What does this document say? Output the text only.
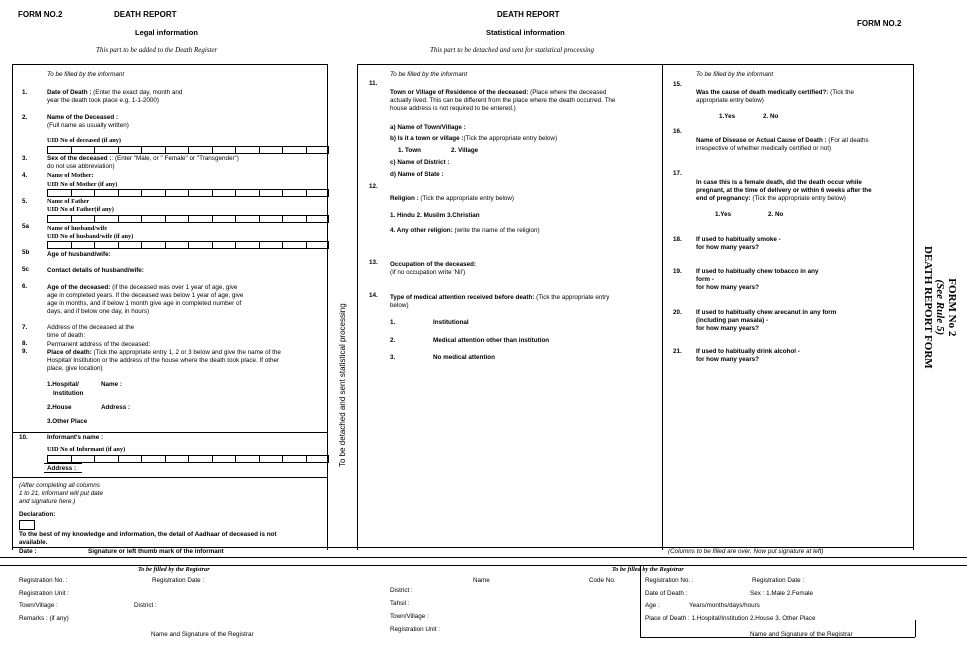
FORM NO.2	DEATH REPORT
Legal information
This part to be added to the Death Register
DEATH REPORT
Statistical information
This part to be detached and sent for statistical processing
FORM NO.2
To be filled by the informant
1.	Date of Death : (Enter the exact day, month and
year the death took place e.g. 1-1-2000)
2.	Name of the Deceased :
(Full name as usually written)
UID No of deceased (if any)
3.	Sex of the deceased :: (Enter "Male, or " Female" or "Transgender")
do not use abbreviation)
4.	Name of Mother:
UID No of Mother (if any)
5.	Name of Father
UID No of Father(if any)
5a	Name of husband/wife
UID No of husband/wife (if any)
5b	Age of husband/wife:
5c	Contact details of husband/wife:
6.	Age of the deceased: (if the deceased was over 1 year of age, give
age in completed years. If the deceased was below 1 year of age, give
age in months, and if below 1 month give age in completed number of
days, and if below one day, in hours)
7.	Address of the deceased at the
time of death:
8.	Permanent address of the deceased:
9.	Place of death: (Tick the appropriate entry 1, 2 or 3 below and give the name of the
Hospital/ Institution or the address of the house where the death took place. If other
place, give location)
1.Hospital/
Institution
Name :
2.House	Address :
3.Other Place
10.	Informant's name :
UID No of Informant (if any)
Address :
(After completing all columns
1 to 21, informant will put date
and signature here.)
Declaration:
To the best of my knowledge and information, the detail of Aadhaar of deceased is not
available.
Date :	Signature or left thumb mark of the informant
To be detached and sent statistical processing
To be filled by the informant
11.
Town or Village of Residence of the deceased: (Place where the deceased
actually lived. This can be different from the place where the death occurred. The
house address is not required to be entered.)
a) Name of Town/Village :
b) Is it a town or village :(Tick the appropriate entry below)
1. Town	2. Village
c) Name of District :
d) Name of State :
12.
Religion : (Tick the appropriate entry below)
1. Hindu 2. Muslim 3.Christian
4. Any other religion: (write the name of the religion)
13. Occupation of the deceased:
(If no occupation write 'Nil')
14. Type of medical attention received before death: (Tick the appropriate entry
below)
1.	Institutional
2.	Medical attention other than institution
3.	No medical attention
To be filled by the informant
15.
Was the cause of death medically certified?: (Tick the
appropriate entry below)
1.Yes	2. No
16.
Name of Disease or Actual Cause of Death : (For all deaths
irrespective of whether medically certified or not)
17.
In case this is a female death, did the death occur while
pregnant, at the time of delivery or within 6 weeks after the
end of pregnancy: (Tick the appropriate entry below)
1.Yes	2. No
18. If used to habitually smoke -
for how many years?
19. If used to habitually chew tobacco in any
form -
for how many years?
20. If used to habitually chew arecanut in any form
(including pan masala) -
for how many years?
21. If used to habitually drink alcohol -
for how many years?
(Columns to be filled are over. Now put signature at left)
FORM No 2
(See Rule 5)
DEATH REPORT FORM
To be filled by the Registrar	To be filled by the Registrar
Registration No. :	Registration Date :
Registration Unit :
Town/Village :	District :
Remarks : (if any)
Name and Signature of the Registrar
Name	Code No.
District :
Tahsil :
Town/Village :
Registration Unit :
Registration No. :	Registration Date :
Date of Death :	Sex : 1.Male 2.Female
Age :	Years/months/days/hours
Place of Death : 1.Hospital/Institution 2.House 3. Other Place
Name and Signature of the Registrar
